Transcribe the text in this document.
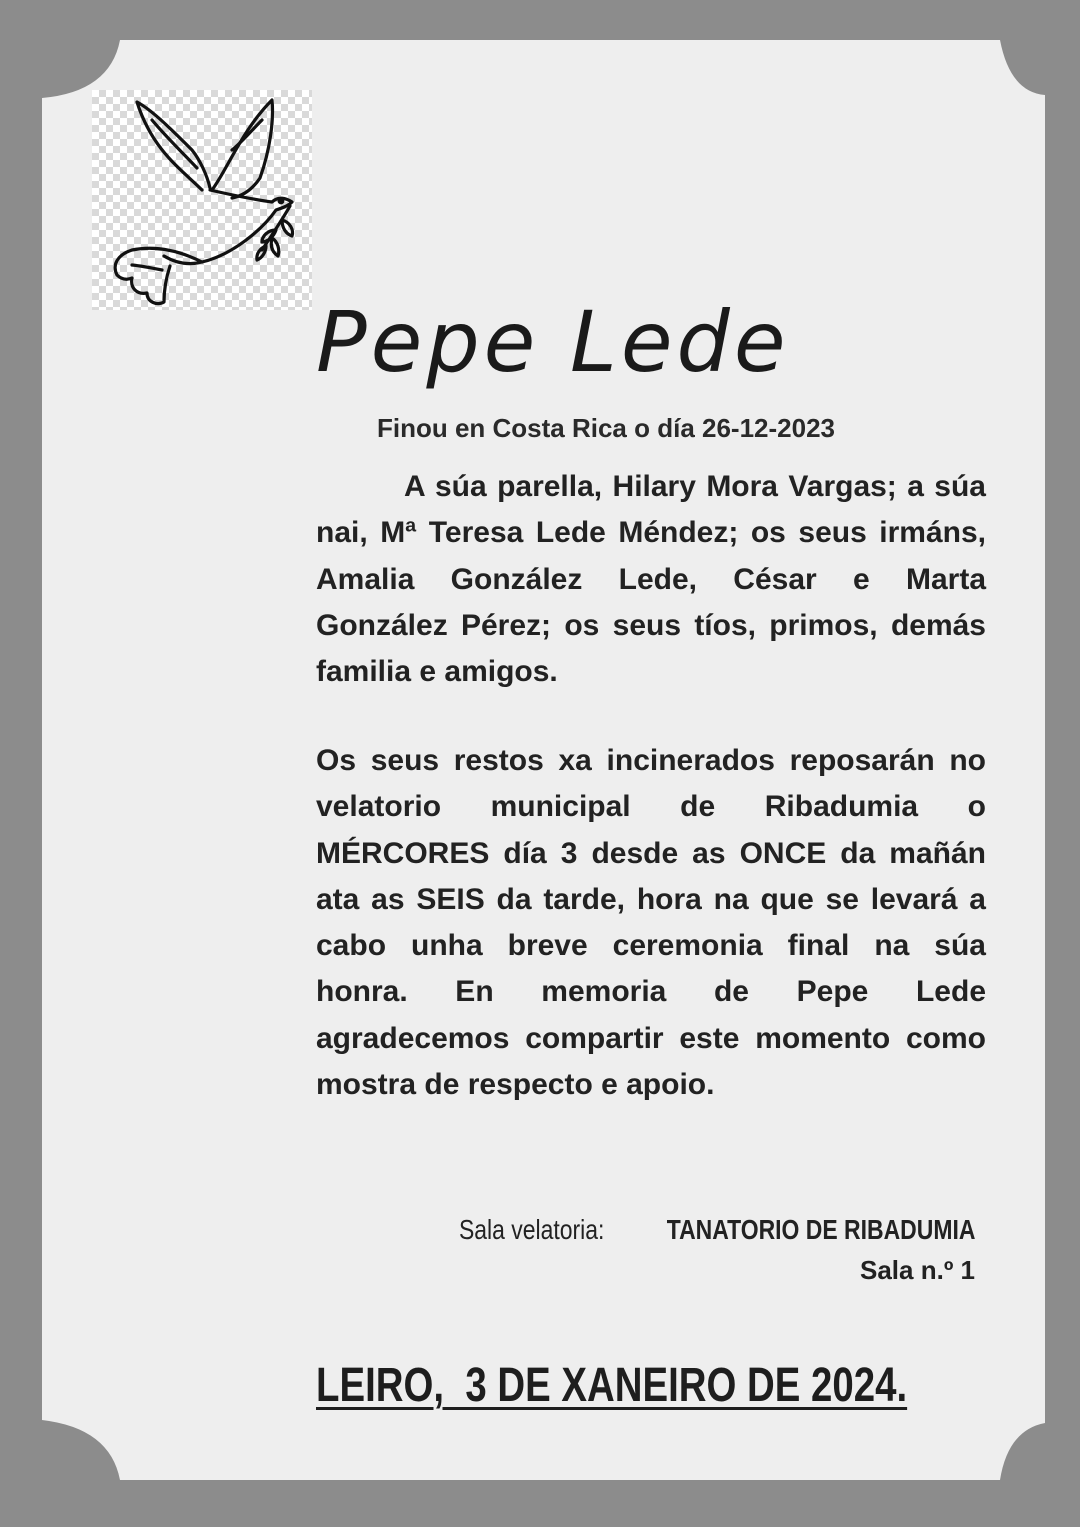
Pepe Lede
Finou en Costa Rica o día 26-12-2023

A súa parella, Hilary Mora Vargas; a súa nai, Mª Teresa Lede Méndez; os seus irmáns, Amalia González Lede, César e Marta González Pérez; os seus tíos, primos, demás familia e amigos.

Os seus restos xa incinerados reposarán no velatorio municipal de Ribadumia o MÉRCORES día 3 desde as ONCE da mañán ata as SEIS da tarde, hora na que se levará a cabo unha breve ceremonia final na súa honra. En memoria de Pepe Lede agradecemos compartir este momento como mostra de respecto e apoio.

Sala velatoria: TANATORIO DE RIBADUMIA
Sala n.º 1
LEIRO,  3 DE XANEIRO DE 2024.
